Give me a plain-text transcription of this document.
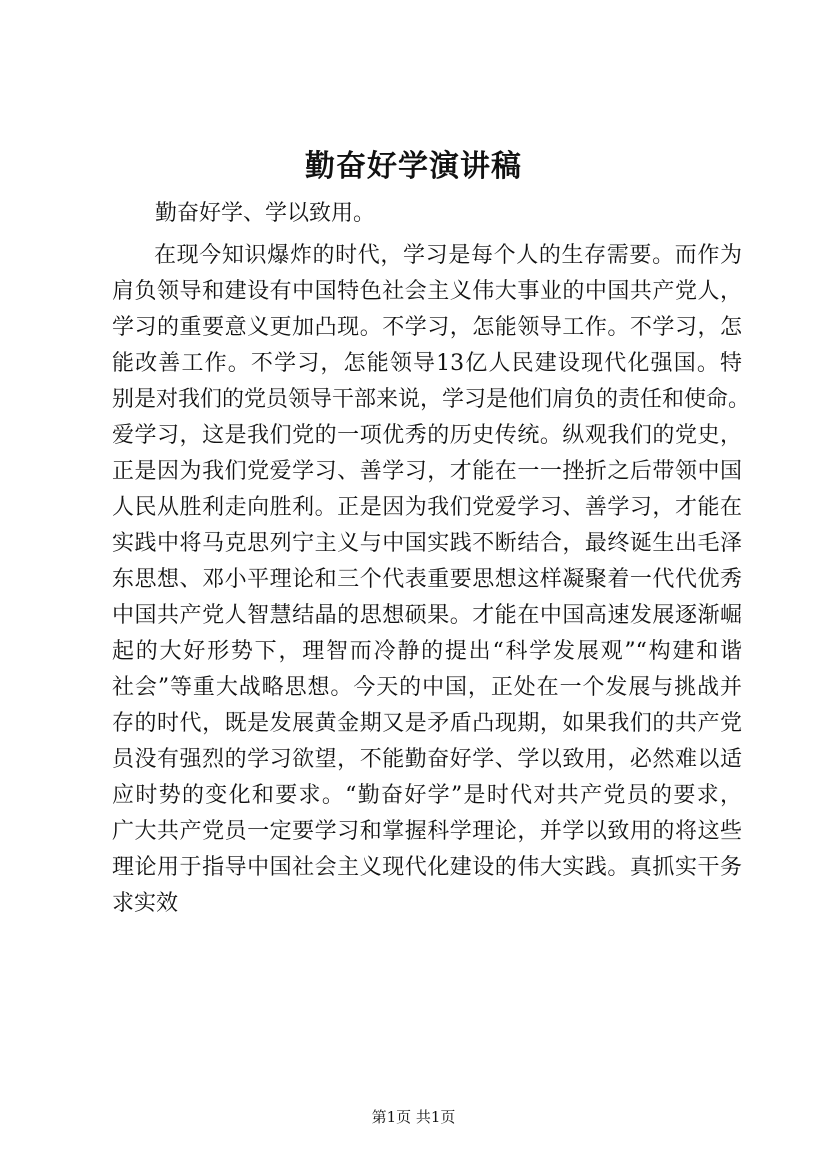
勤奋好学演讲稿
勤奋好学、学以致用。
在现今知识爆炸的时代，学习是每个人的生存需要。而作为
肩负领导和建设有中国特色社会主义伟大事业的中国共产党人，
学习的重要意义更加凸现。不学习，怎能领导工作。不学习，怎
能改善工作。不学习，怎能领导13亿人民建设现代化强国。特
别是对我们的党员领导干部来说，学习是他们肩负的责任和使命。
爱学习，这是我们党的一项优秀的历史传统。纵观我们的党史，
正是因为我们党爱学习、善学习，才能在一一挫折之后带领中国
人民从胜利走向胜利。正是因为我们党爱学习、善学习，才能在
实践中将马克思列宁主义与中国实践不断结合，最终诞生出毛泽
东思想、邓小平理论和三个代表重要思想这样凝聚着一代代优秀
中国共产党人智慧结晶的思想硕果。才能在中国高速发展逐渐崛
起的大好形势下，理智而冷静的提出“科学发展观”“构建和谐
社会”等重大战略思想。今天的中国，正处在一个发展与挑战并
存的时代，既是发展黄金期又是矛盾凸现期，如果我们的共产党
员没有强烈的学习欲望，不能勤奋好学、学以致用，必然难以适
应时势的变化和要求。“勤奋好学”是时代对共产党员的要求，
广大共产党员一定要学习和掌握科学理论，并学以致用的将这些
理论用于指导中国社会主义现代化建设的伟大实践。真抓实干务
求实效
第1页 共1页
